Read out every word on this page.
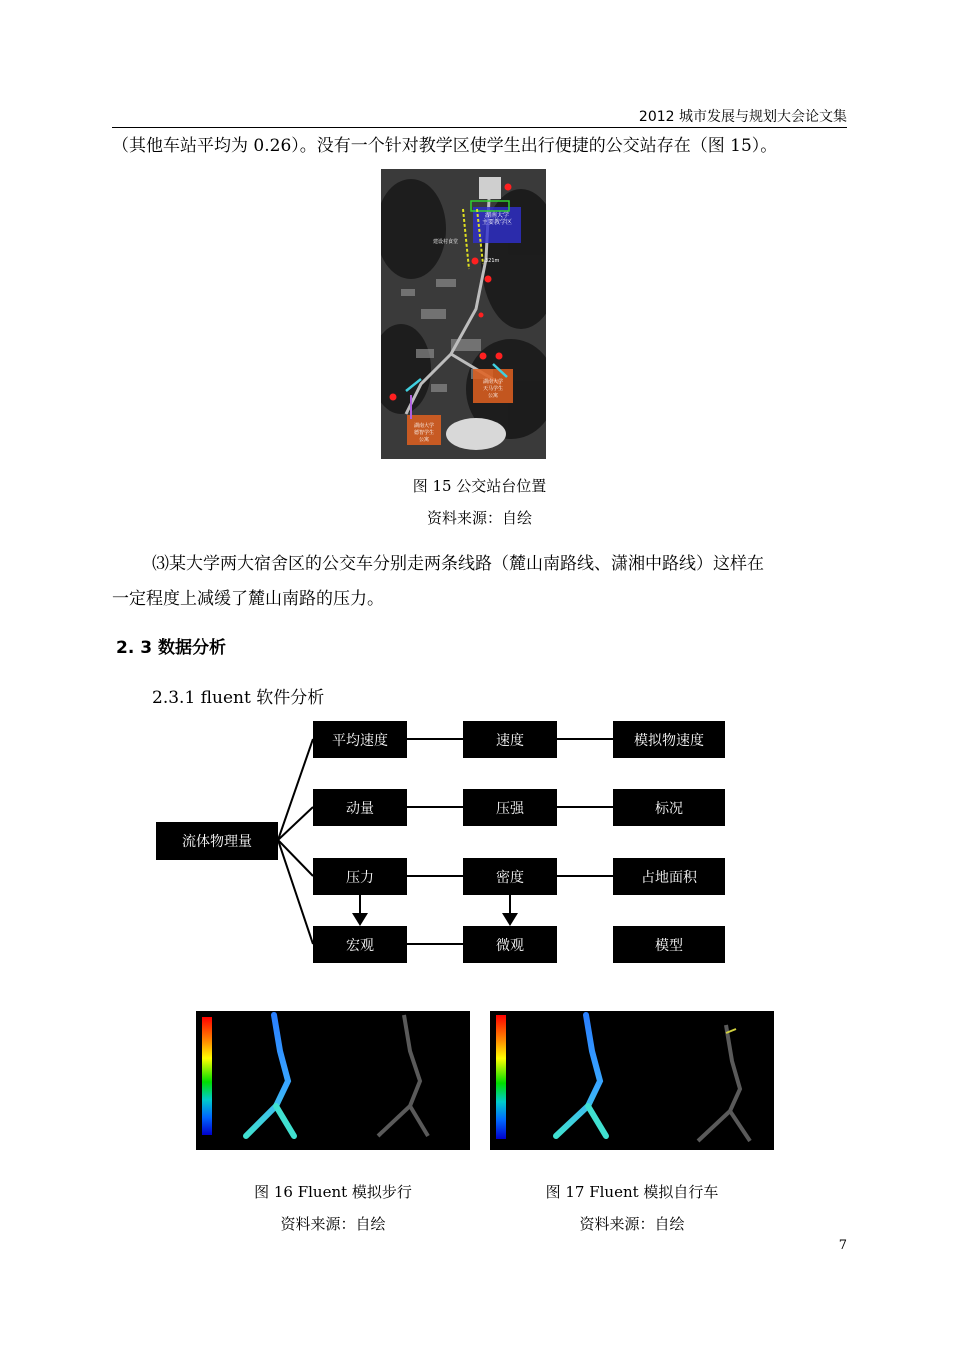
2012 城市发展与规划大会论文集
（其他车站平均为 0.26）。没有一个针对教学区使学生出行便捷的公交站存在（图 15）。
湖南大学主要教学区
建设村食堂
321m
湖南大学天马学生公寓
湖南大学德智学生公寓
图 15 公交站台位置
资料来源：自绘
⑶某大学两大宿舍区的公交车分别走两条线路（麓山南路线、潇湘中路线）这样在
一定程度上减缓了麓山南路的压力。
2. 3 数据分析
2.3.1 fluent 软件分析
流体物理量
平均速度	速度	模拟物速度
动量	压强	标况
压力	密度	占地面积
宏观	微观	模型
图 16 Fluent 模拟步行
资料来源：自绘
图 17 Fluent 模拟自行车
资料来源：自绘
7
